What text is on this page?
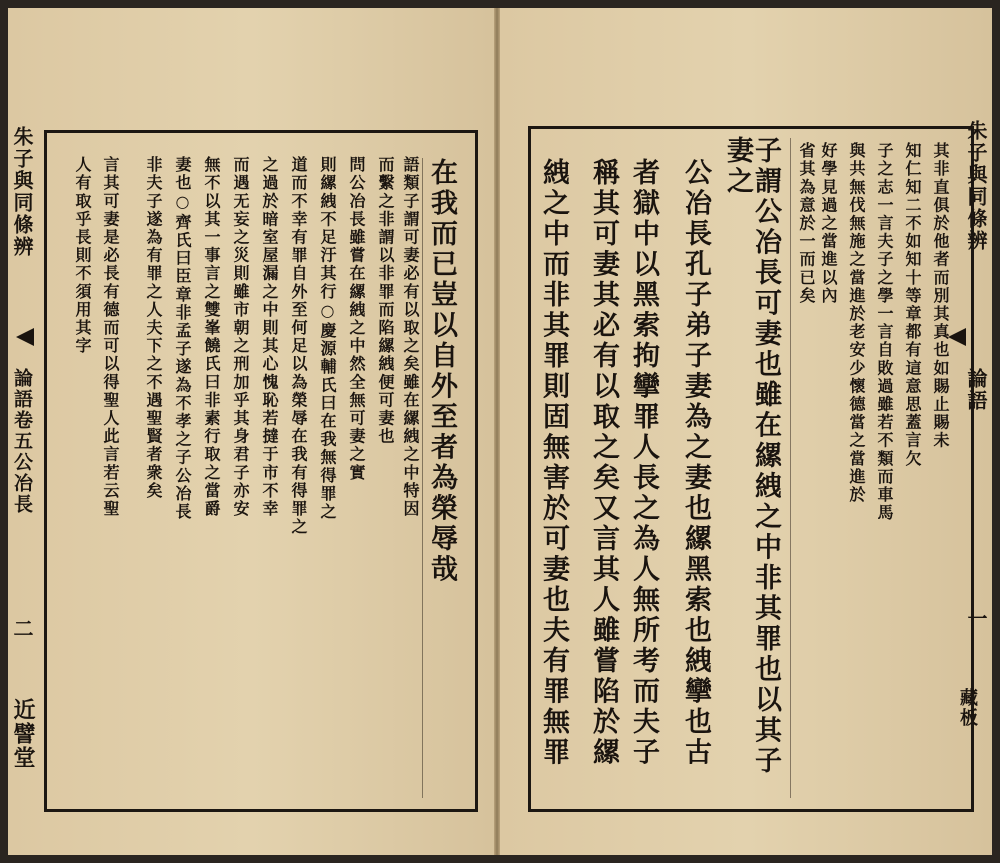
朱子與同條辨
論語卷五公冶長
二
近譬堂
在我而已豈以自外至者為榮辱哉
語類子謂可妻必有以取之矣雖在縲絏之中特因
而繫之非謂以非罪而陷縲絏便可妻也
問公冶長雖嘗在縲絏之中然全無可妻之實
則縲絏不足汙其行○慶源輔氏曰在我無得罪之
道而不幸有罪自外至何足以為榮辱在我有得罪之
之過於暗室屋漏之中則其心愧恥若撻于市不幸
而遇无妄之災則雖市朝之刑加乎其身君子亦安
無不以其一事言之雙峯饒氏曰非素行取之當爵
妻也○齊氏曰臣章非孟子遂為不孝之子公冶長
非夫子遂為有罪之人夫下之不遇聖賢者衆矣
言其可妻是必長有德而可以得聖人此言若云聖
人有取乎長則不須用其字	朱子與同條辨
論語
一
藏板
其非直俱於他者而別其真也如賜止賜未
知仁知二不如知十等章都有這意思蓋言欠
子之志一言夫子之學一言自敗過雖若不類而車馬
與共無伐無施之當進於老安少懷德當之當進於
好學見過之當進以內
省其為意於一而已矣
子謂公冶長可妻也雖在縲絏之中非其罪也以其子
妻之
公冶長孔子弟子妻為之妻也縲黑索也絏攣也古
者獄中以黑索拘攣罪人長之為人無所考而夫子
稱其可妻其必有以取之矣又言其人雖嘗陷於縲
絏之中而非其罪則固無害於可妻也夫有罪無罪
